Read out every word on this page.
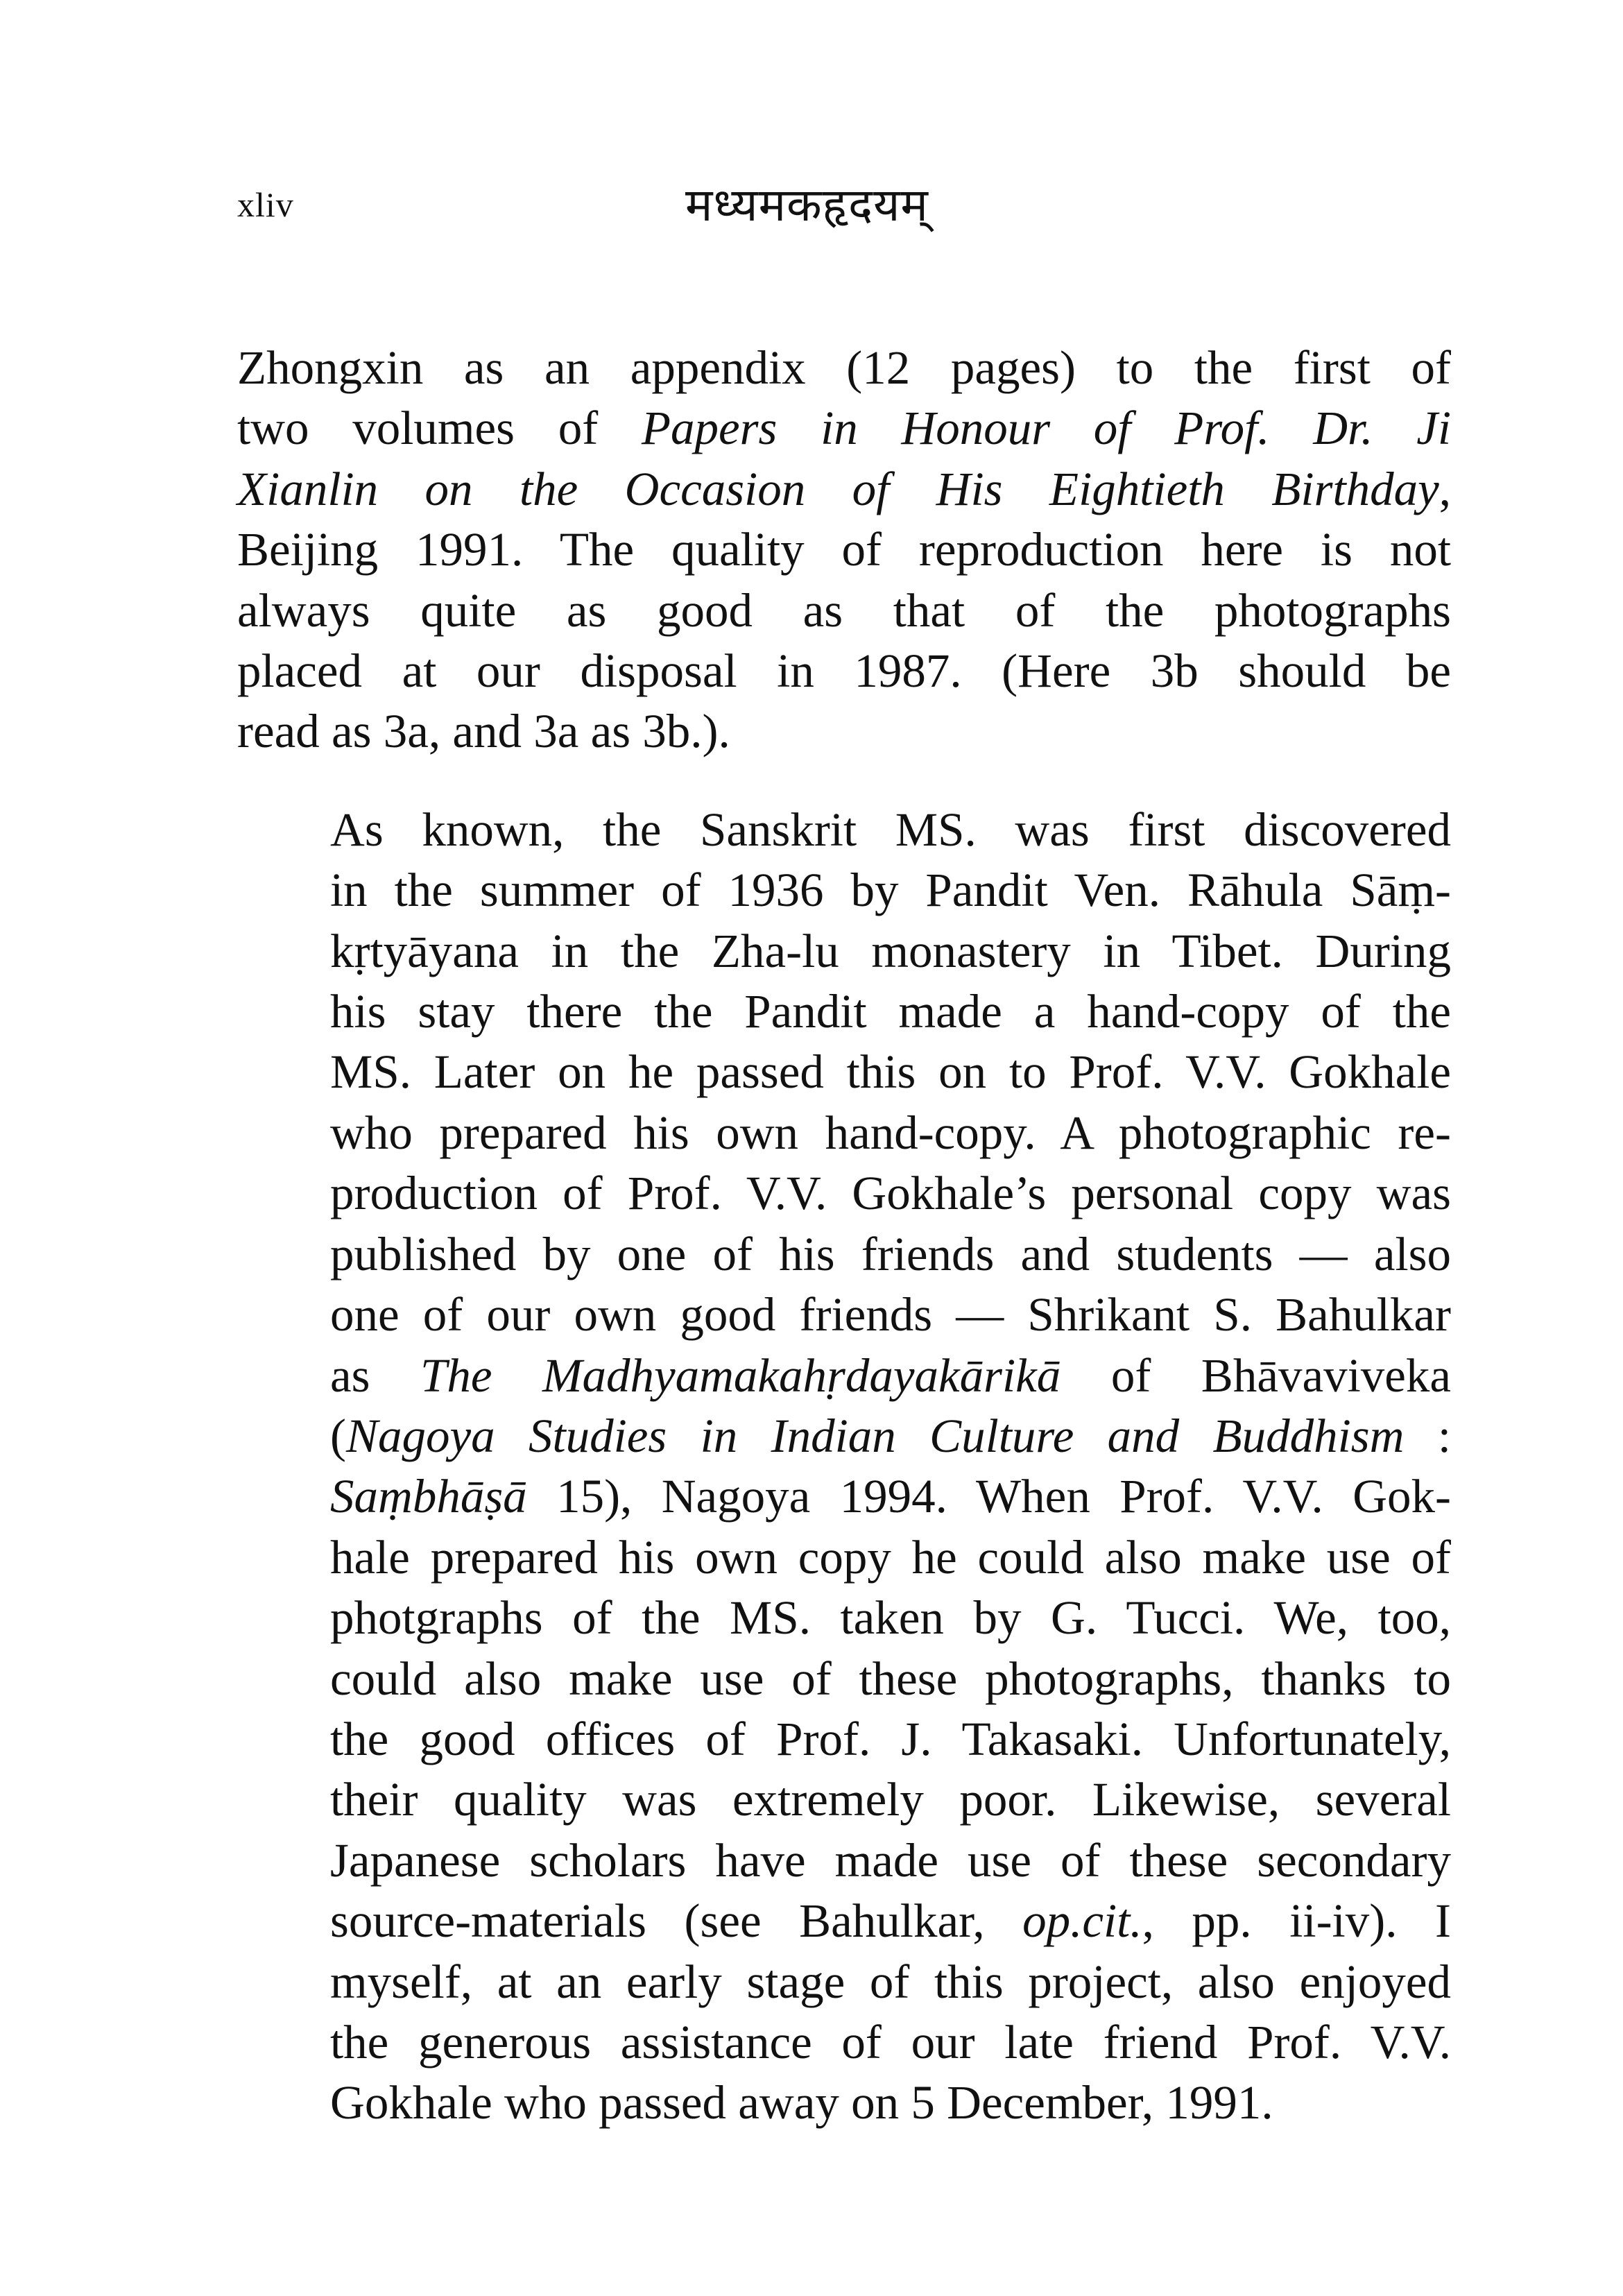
xliv	मध्यमकहृदयम्

Zhongxin as an appendix (12 pages) to the first of
two volumes of Papers in Honour of Prof. Dr. Ji
Xianlin on the Occasion of His Eightieth Birthday,
Beijing 1991. The quality of reproduction here is not
always quite as good as that of the photographs
placed at our disposal in 1987. (Here 3b should be
read as 3a, and 3a as 3b.).

As known, the Sanskrit MS. was first discovered
in the summer of 1936 by Pandit Ven. Rāhula Sāṃ-
kṛtyāyana in the Zha-lu monastery in Tibet. During
his stay there the Pandit made a hand-copy of the
MS. Later on he passed this on to Prof. V.V. Gokhale
who prepared his own hand-copy. A photographic re-
production of Prof. V.V. Gokhale’s personal copy was
published by one of his friends and students — also
one of our own good friends — Shrikant S. Bahulkar
as The Madhyamakahṛdayakārikā of Bhāvaviveka
(Nagoya Studies in Indian Culture and Buddhism :
Saṃbhāṣā 15), Nagoya 1994. When Prof. V.V. Gok-
hale prepared his own copy he could also make use of
photgraphs of the MS. taken by G. Tucci. We, too,
could also make use of these photographs, thanks to
the good offices of Prof. J. Takasaki. Unfortunately,
their quality was extremely poor. Likewise, several
Japanese scholars have made use of these secondary
source-materials (see Bahulkar, op.cit., pp. ii-iv). I
myself, at an early stage of this project, also enjoyed
the generous assistance of our late friend Prof. V.V.
Gokhale who passed away on 5 December, 1991.
